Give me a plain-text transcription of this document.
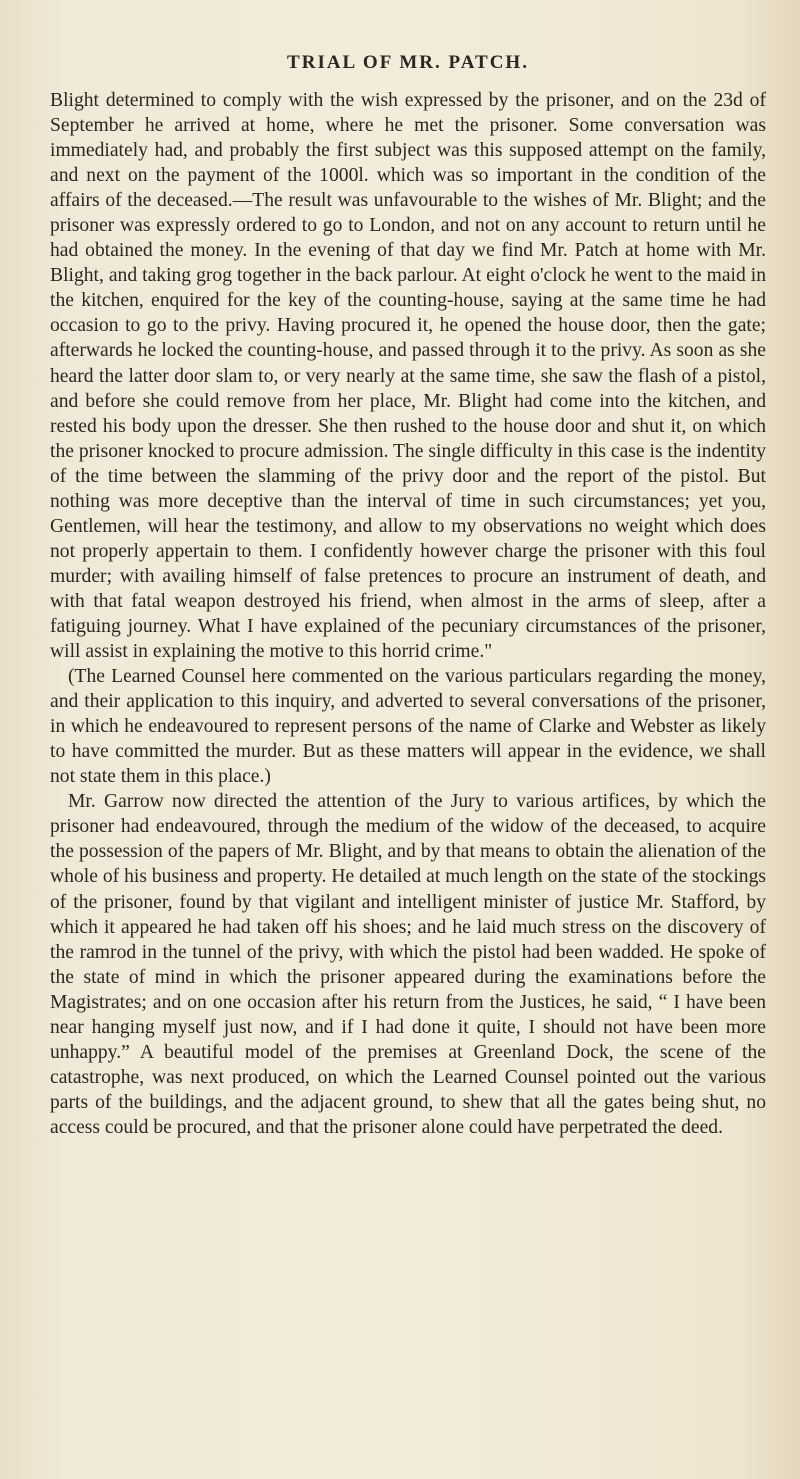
TRIAL OF MR. PATCH.

Blight determined to comply with the wish expressed by the prisoner, and on the 23d of September he arrived at home, where he met the prisoner. Some conversation was immediately had, and probably the first subject was this supposed attempt on the family, and next on the payment of the 1000l. which was so important in the condition of the affairs of the deceased.—The result was unfavourable to the wishes of Mr. Blight; and the prisoner was expressly ordered to go to London, and not on any account to return until he had obtained the money. In the evening of that day we find Mr. Patch at home with Mr. Blight, and taking grog together in the back parlour. At eight o'clock he went to the maid in the kitchen, enquired for the key of the counting-house, saying at the same time he had occasion to go to the privy. Having procured it, he opened the house door, then the gate; afterwards he locked the counting-house, and passed through it to the privy. As soon as she heard the latter door slam to, or very nearly at the same time, she saw the flash of a pistol, and before she could remove from her place, Mr. Blight had come into the kitchen, and rested his body upon the dresser. She then rushed to the house door and shut it, on which the prisoner knocked to procure admission. The single difficulty in this case is the indentity of the time between the slamming of the privy door and the report of the pistol. But nothing was more deceptive than the interval of time in such circumstances; yet you, Gentlemen, will hear the testimony, and allow to my observations no weight which does not properly appertain to them. I confidently however charge the prisoner with this foul murder; with availing himself of false pretences to procure an instrument of death, and with that fatal weapon destroyed his friend, when almost in the arms of sleep, after a fatiguing journey. What I have explained of the pecuniary circumstances of the prisoner, will assist in explaining the motive to this horrid crime."

(The Learned Counsel here commented on the various particulars regarding the money, and their application to this inquiry, and adverted to several conversations of the prisoner, in which he endeavoured to represent persons of the name of Clarke and Webster as likely to have committed the murder. But as these matters will appear in the evidence, we shall not state them in this place.)

Mr. Garrow now directed the attention of the Jury to various artifices, by which the prisoner had endeavoured, through the medium of the widow of the deceased, to acquire the possession of the papers of Mr. Blight, and by that means to obtain the alienation of the whole of his business and property. He detailed at much length on the state of the stockings of the prisoner, found by that vigilant and intelligent minister of justice Mr. Stafford, by which it appeared he had taken off his shoes; and he laid much stress on the discovery of the ramrod in the tunnel of the privy, with which the pistol had been wadded. He spoke of the state of mind in which the prisoner appeared during the examinations before the Magistrates; and on one occasion after his return from the Justices, he said, “ I have been near hanging myself just now, and if I had done it quite, I should not have been more unhappy.” A beautiful model of the premises at Greenland Dock, the scene of the catastrophe, was next produced, on which the Learned Counsel pointed out the various parts of the buildings, and the adjacent ground, to shew that all the gates being shut, no access could be procured, and that the prisoner alone could have perpetrated the deed.
